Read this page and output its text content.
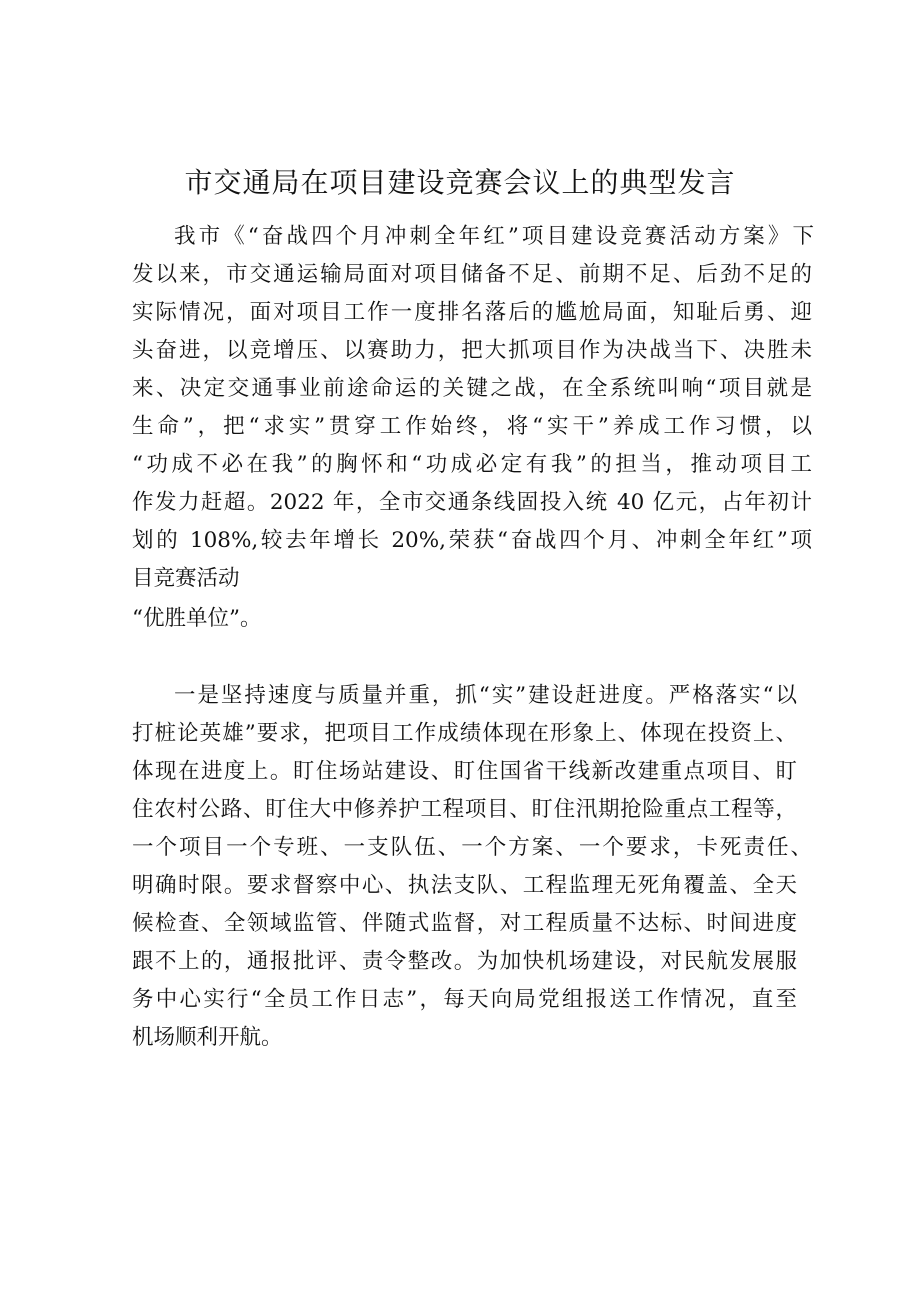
市交通局在项目建设竞赛会议上的典型发言
我市《“奋战四个月冲刺全年红”项目建设竞赛活动方案》下
发以来，市交通运输局面对项目储备不足、前期不足、后劲不足的
实际情况，面对项目工作一度排名落后的尴尬局面，知耻后勇、迎
头奋进，以竞增压、以赛助力，把大抓项目作为决战当下、决胜未
来、决定交通事业前途命运的关键之战，在全系统叫响“项目就是
生命”，把“求实”贯穿工作始终，将“实干”养成工作习惯，以
“功成不必在我”的胸怀和“功成必定有我”的担当，推动项目工
作发力赶超。2022 年，全市交通条线固投入统 40 亿元，占年初计
划的 108%,较去年增长 20%,荣获“奋战四个月、冲刺全年红”项
目竞赛活动
“优胜单位”。
一是坚持速度与质量并重，抓“实”建设赶进度。严格落实“以
打桩论英雄”要求，把项目工作成绩体现在形象上、体现在投资上、
体现在进度上。盯住场站建设、盯住国省干线新改建重点项目、盯
住农村公路、盯住大中修养护工程项目、盯住汛期抢险重点工程等，
一个项目一个专班、一支队伍、一个方案、一个要求，卡死责任、
明确时限。要求督察中心、执法支队、工程监理无死角覆盖、全天
候检查、全领域监管、伴随式监督，对工程质量不达标、时间进度
跟不上的，通报批评、责令整改。为加快机场建设，对民航发展服
务中心实行“全员工作日志”，每天向局党组报送工作情况，直至
机场顺利开航。
